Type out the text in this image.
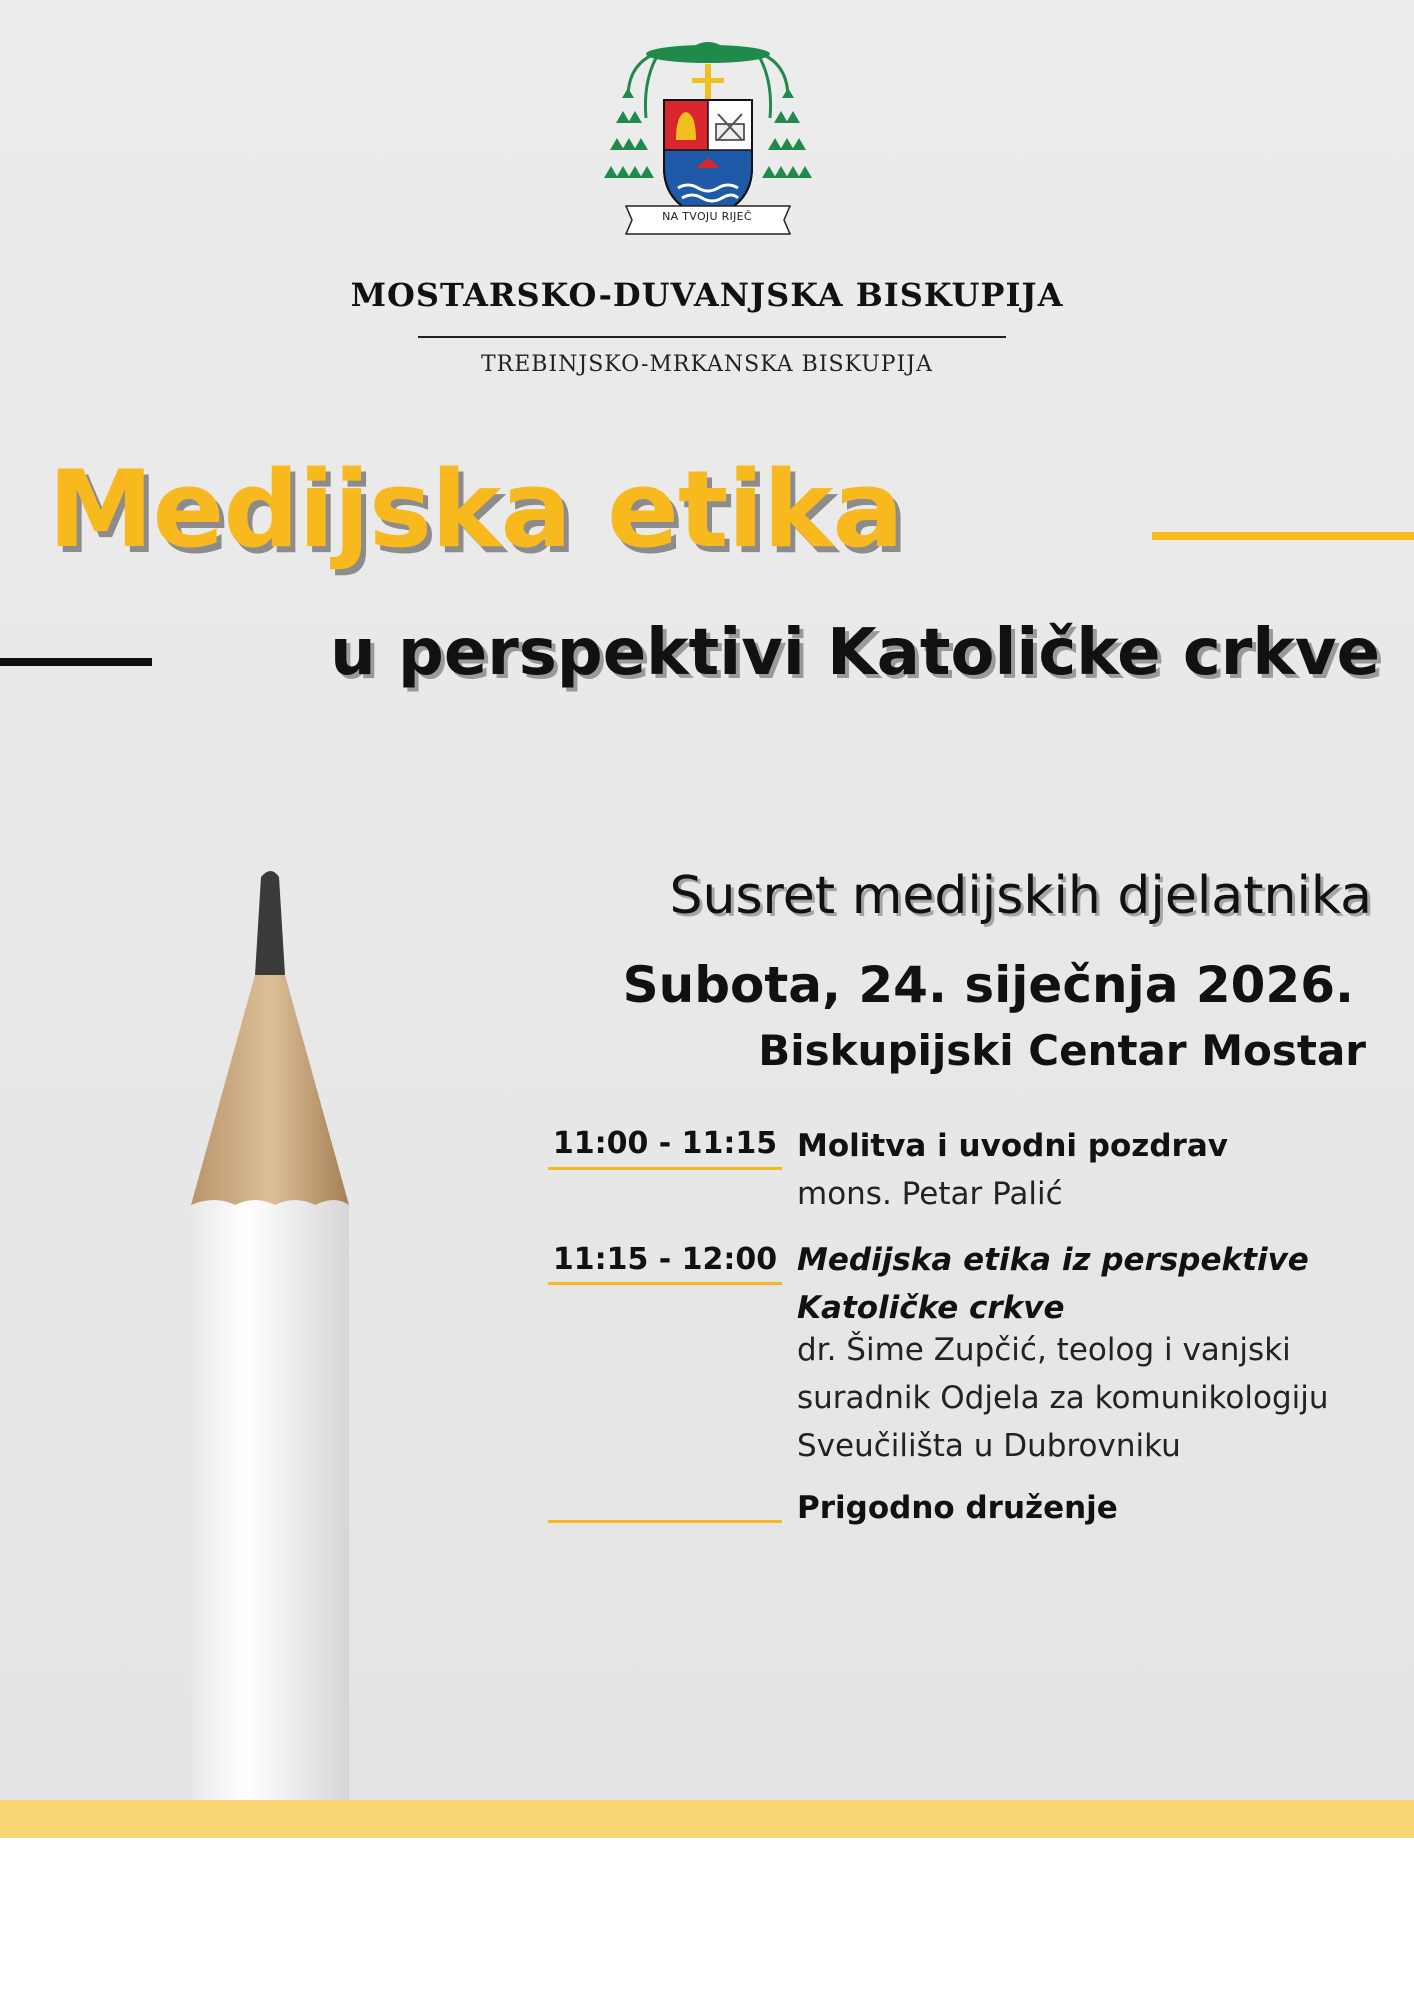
NA TVOJU RIJEČ
MOSTARSKO-DUVANJSKA BISKUPIJA
TREBINJSKO-MRKANSKA BISKUPIJA
Medijska etika
u perspektivi Katoličke crkve
Susret medijskih djelatnika
Subota, 24. siječnja 2026.
Biskupijski Centar Mostar
11:00 - 11:15 Molitva i uvodni pozdrav
mons. Petar Palić
11:15 - 12:00 Medijska etika iz perspektive Katoličke crkve
dr. Šime Zupčić, teolog i vanjski suradnik Odjela za komunikologiju Sveučilišta u Dubrovniku
Prigodno druženje
